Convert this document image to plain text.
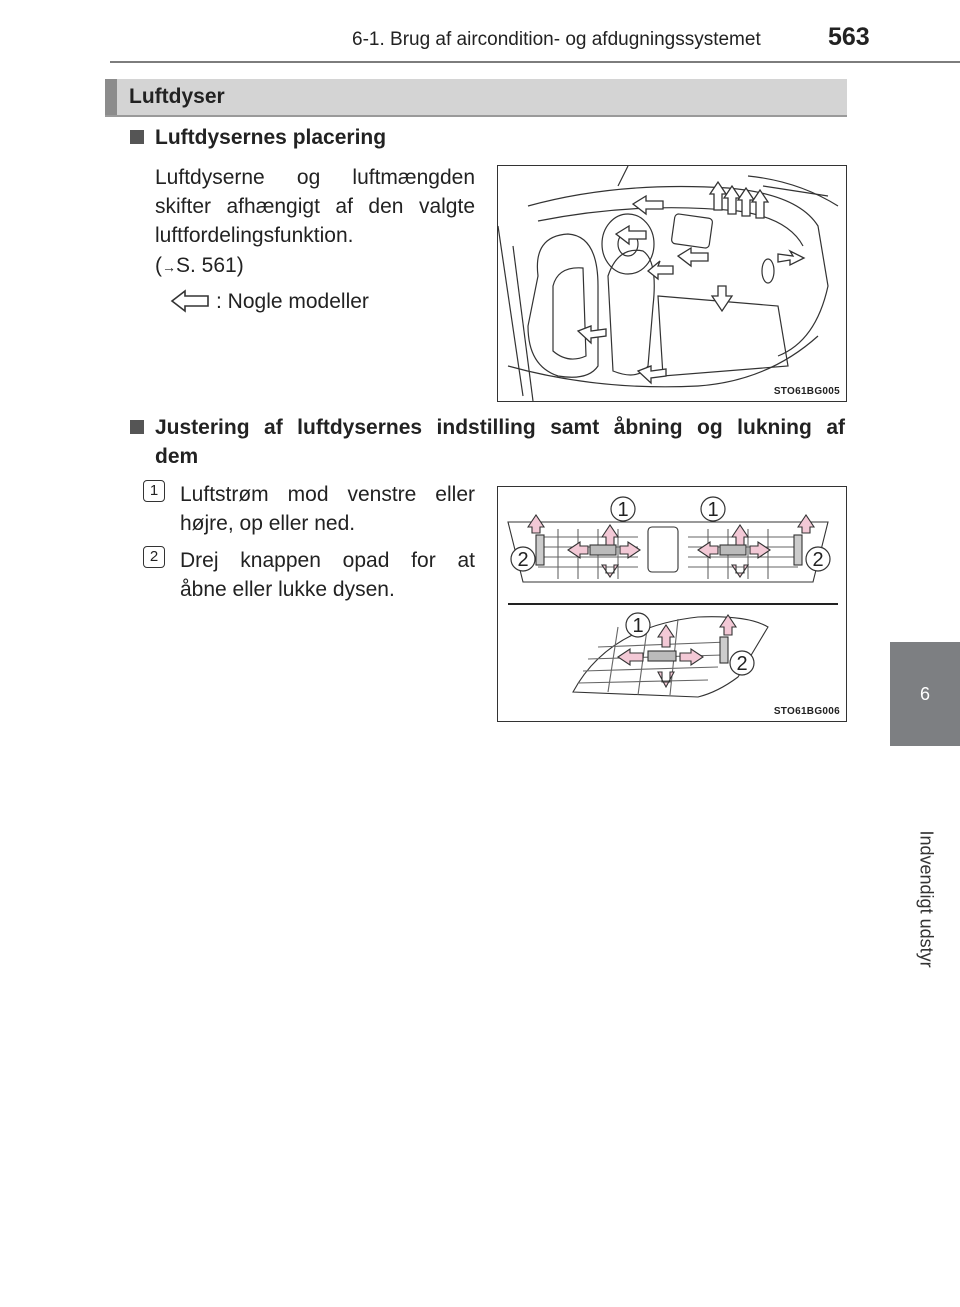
6-1. Brug af aircondition- og afdugningssystemet	563
6
Indvendigt udstyr
Luftdyser
Luftdysernes placering
Luftdyserne og luftmængden
skifter afhængigt af den valgte
luftfordelingsfunktion.
(→S. 561)
: Nogle modeller
STO61BG005
Justering af luftdysernes indstilling samt åbning og lukning af
dem
1	Luftstrøm mod venstre eller
højre, op eller ned.
2	Drej knappen opad for at
åbne eller lukke dysen.
1	1
2	2
1
2
STO61BG006
